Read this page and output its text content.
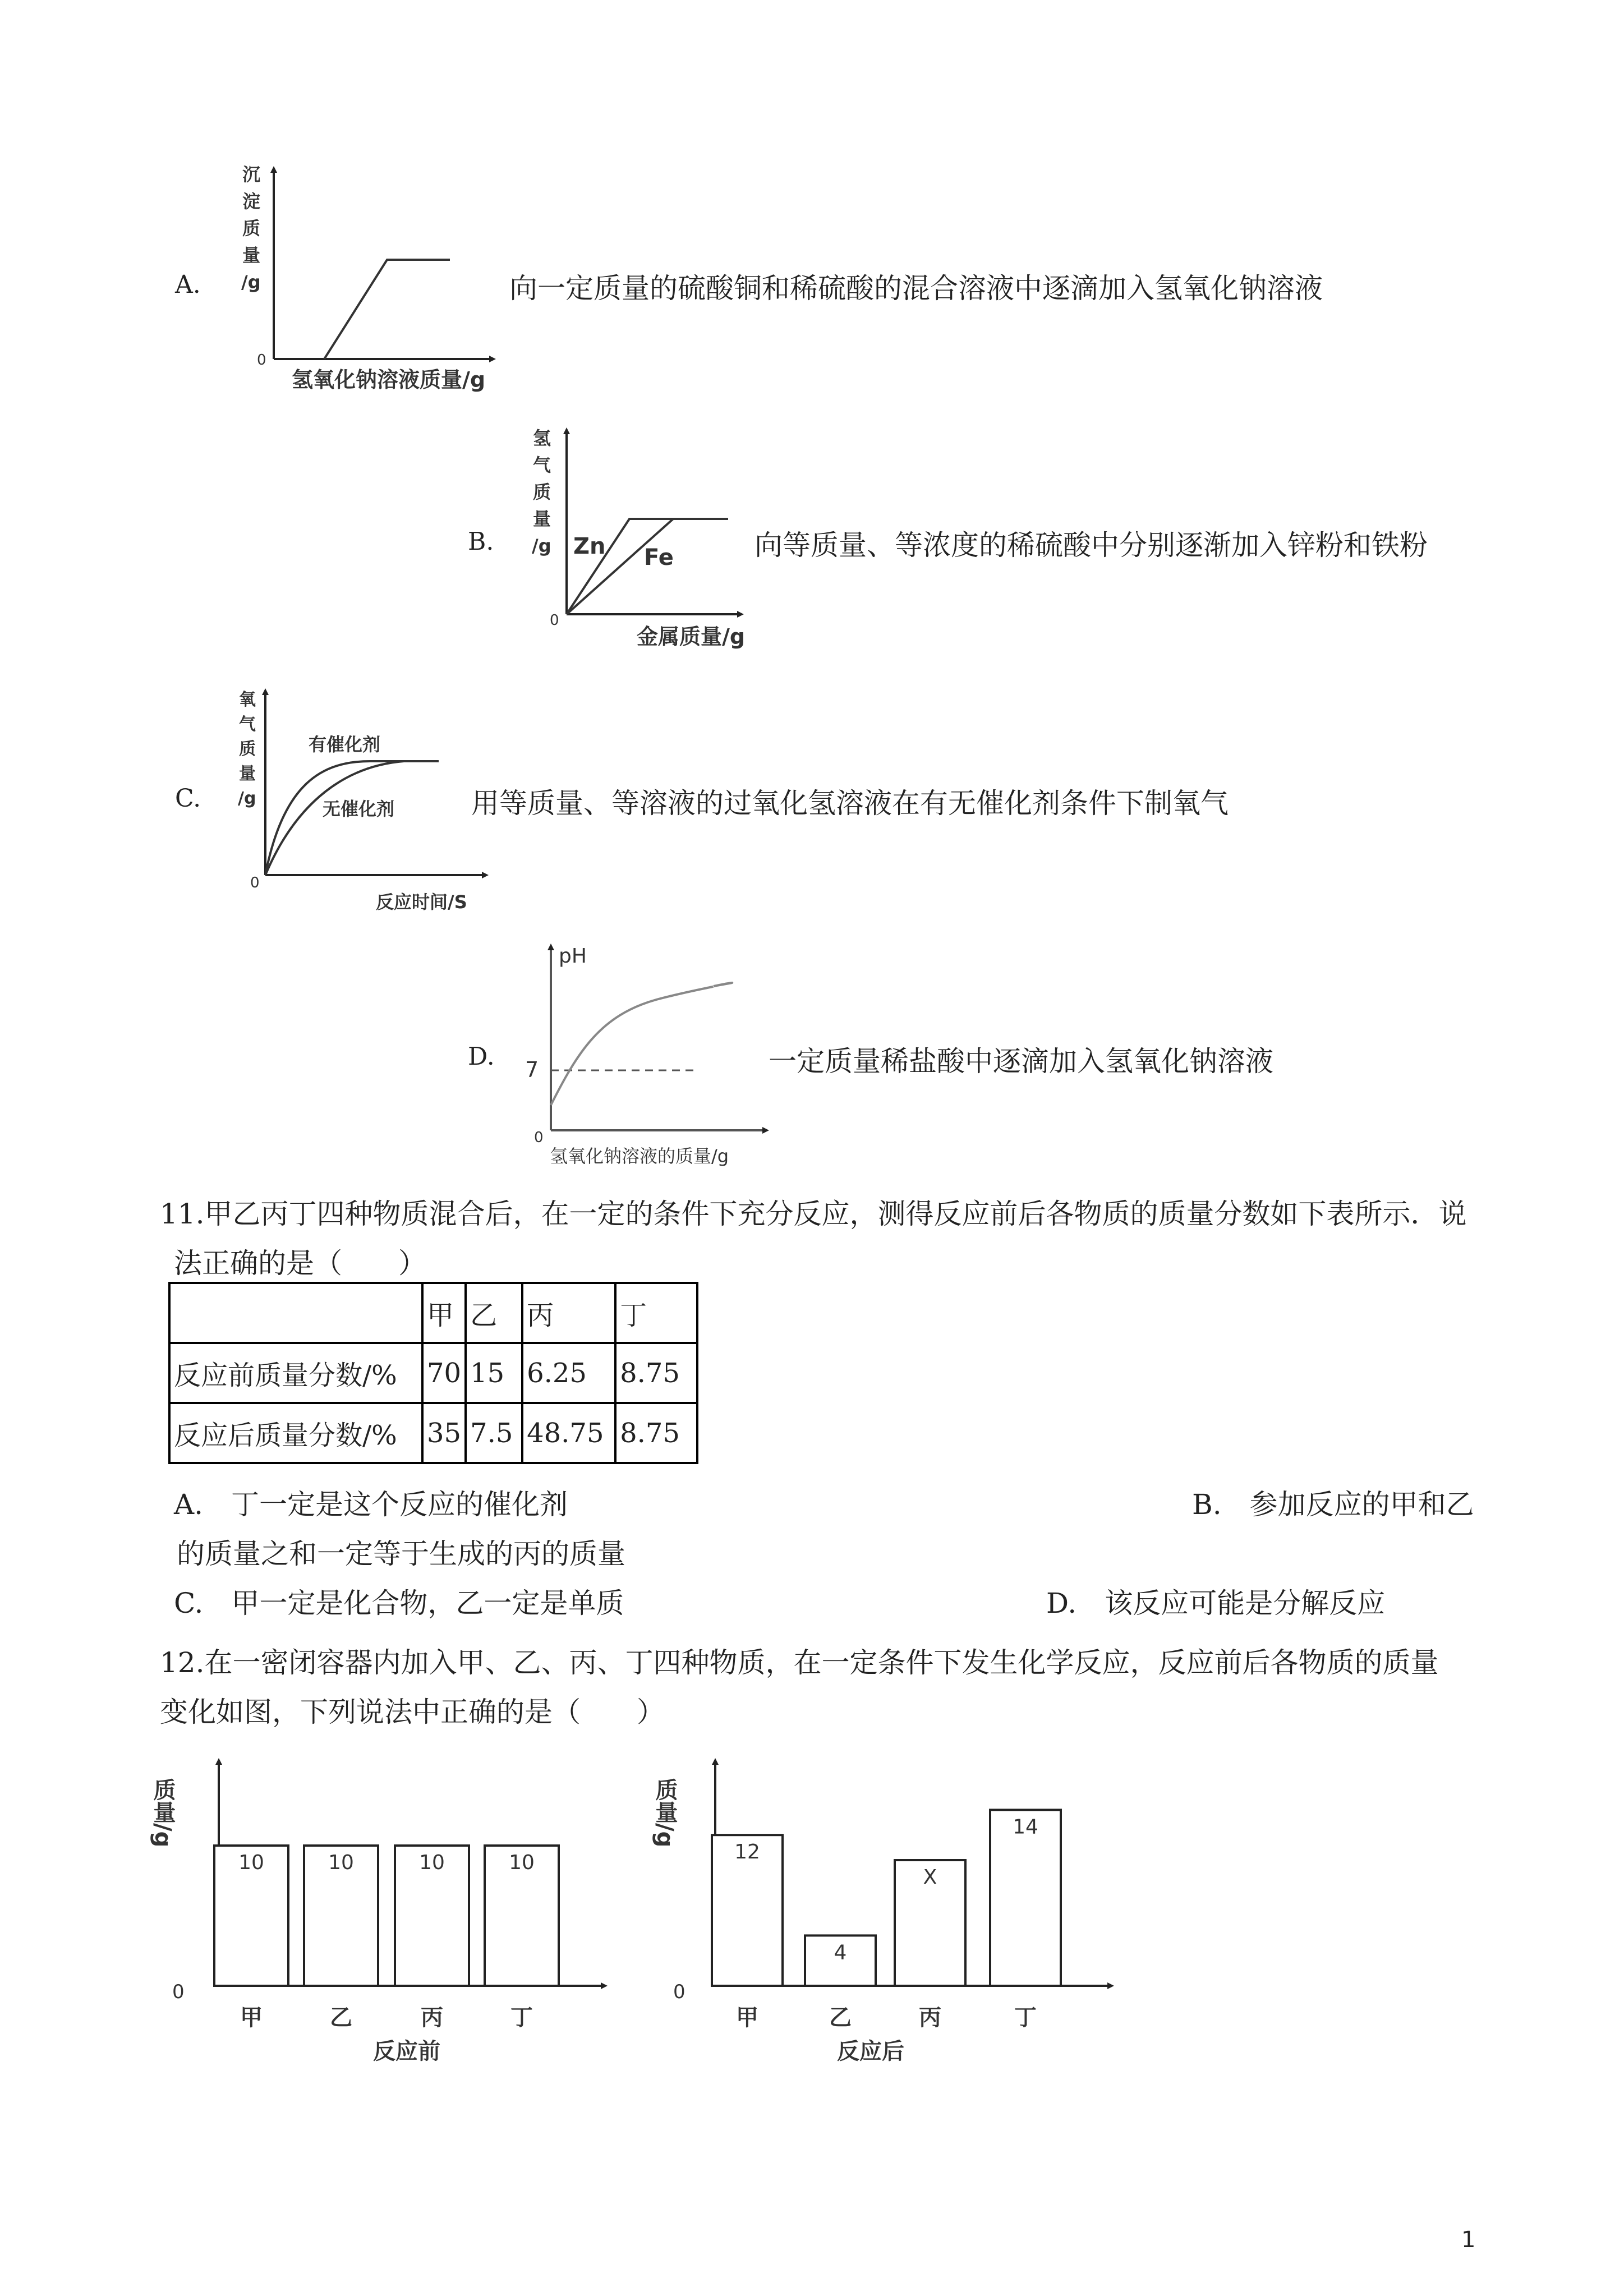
A.
沉
淀
质
量
/g
0
氢氧化钠溶液质量/g
向一定质量的硫酸铜和稀硫酸的混合溶液中逐滴加入氢氧化钠溶液
B.
氢
气
质
量
/g Zn Fe
0
金属质量/g
向等质量、等浓度的稀硫酸中分别逐渐加入锌粉和铁粉
C.
氧
气
质
量
/g
有催化剂
无催化剂
0
反应时间/S
用等质量、等溶液的过氧化氢溶液在有无催化剂条件下制氧气
D.
pH
7
0
氢氧化钠溶液的质量/g
一定质量稀盐酸中逐滴加入氢氧化钠溶液
11.甲乙丙丁四种物质混合后，在一定的条件下充分反应，测得反应前后各物质的质量分数如下表所示．说
法正确的是（　　）
	甲	乙	丙	丁
反应前质量分数/%	70	15	6.25	8.75
反应后质量分数/%	35	7.5	48.75	8.75
A.　丁一定是这个反应的催化剂	B.　参加反应的甲和乙
的质量之和一定等于生成的丙的质量
C.　甲一定是化合物，乙一定是单质	D.　该反应可能是分解反应
12.在一密闭容器内加入甲、乙、丙、丁四种物质，在一定条件下发生化学反应，反应前后各物质的质量
变化如图，下列说法中正确的是（　　）
质量/g
0
反应前
10
甲
10
乙
10
丙
10
丁
质量/g
0
反应后
12
甲
4
乙
X
丙
14
丁
1
